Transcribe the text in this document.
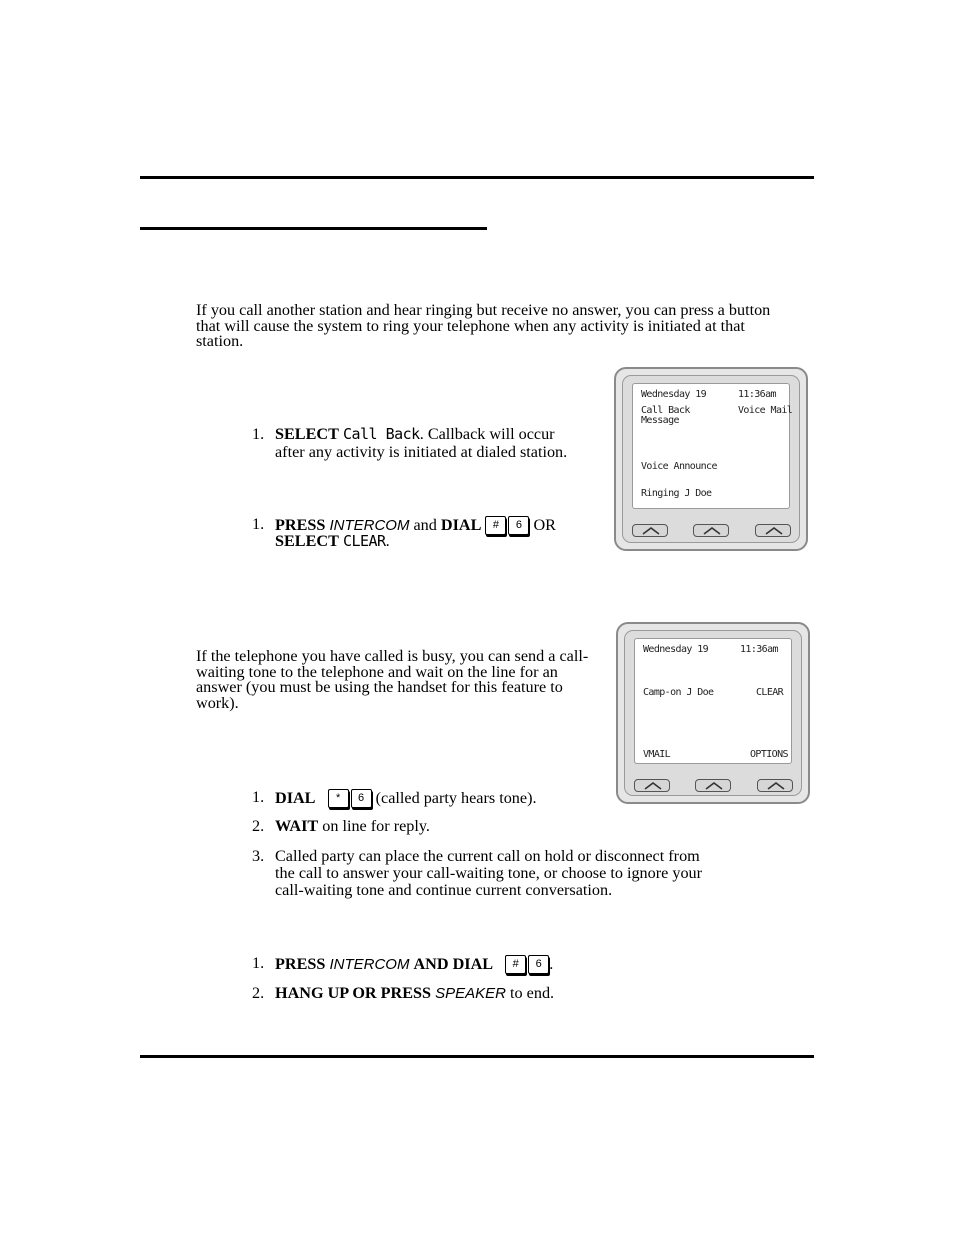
If you call another station and hear ringing but receive no answer, you can press a button that will cause the system to ring your telephone when any activity is initiated at that station.

1. SELECT Call Back. Callback will occur
after any activity is initiated at dialed station.
1. PRESS INTERCOM and DIAL # 6 OR
SELECT CLEAR.

If the telephone you have called is busy, you can send a call-waiting tone to the telephone and wait on the line for an answer (you must be using the handset for this feature to work).

1. DIAL * 6 (called party hears tone).
2. WAIT on line for reply.
3. Called party can place the current call on hold or disconnect from
the call to answer your call-waiting tone, or choose to ignore your
call-waiting tone and continue current conversation.
1. PRESS INTERCOM AND DIAL # 6 .
2. HANG UP OR PRESS SPEAKER to end.
Wednesday 19	11:36am
Call Back
Message
Voice Mail
Voice Announce
Ringing J Doe
Wednesday 19	11:36am
Camp-on J Doe	CLEAR
VMAIL	OPTIONS
